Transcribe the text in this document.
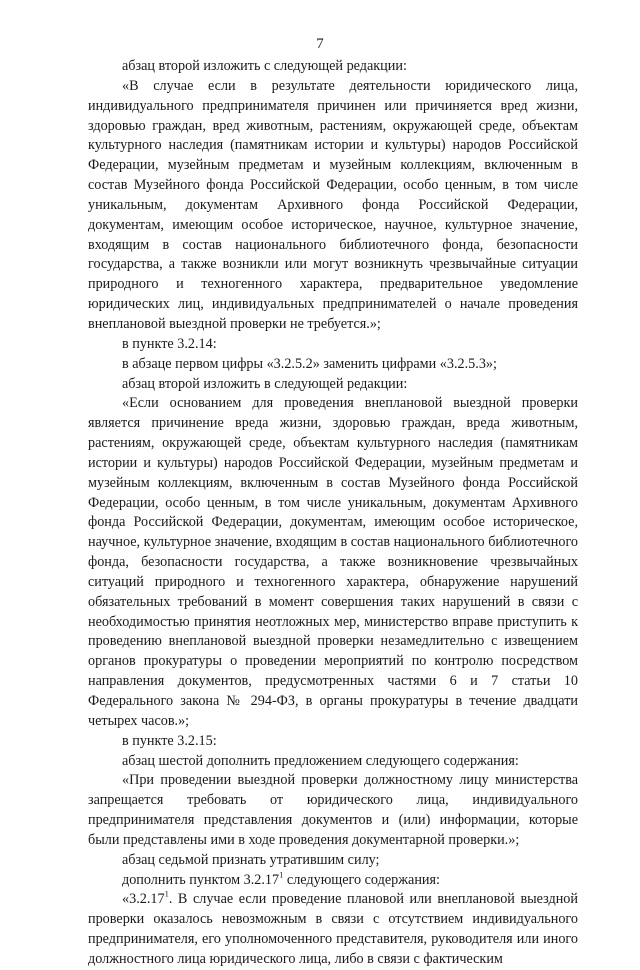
7

абзац второй изложить с следующей редакции:

«В случае если в результате деятельности юридического лица, индивидуального предпринимателя причинен или причиняется вред жизни, здоровью граждан, вред животным, растениям, окружающей среде, объектам культурного наследия (памятникам истории и культуры) народов Российской Федерации, музейным предметам и музейным коллекциям, включенным в состав Музейного фонда Российской Федерации, особо ценным, в том числе уникальным, документам Архивного фонда Российской Федерации, документам, имеющим особое историческое, научное, культурное значение, входящим в состав национального библиотечного фонда, безопасности государства, а также возникли или могут возникнуть чрезвычайные ситуации природного и техногенного характера, предварительное уведомление юридических лиц, индивидуальных предпринимателей о начале проведения внеплановой выездной проверки не требуется.»;

в пункте 3.2.14:

в абзаце первом цифры «3.2.5.2» заменить цифрами «3.2.5.3»;

абзац второй изложить в следующей редакции:

«Если основанием для проведения внеплановой выездной проверки является причинение вреда жизни, здоровью граждан, вреда животным, растениям, окружающей среде, объектам культурного наследия (памятникам истории и культуры) народов Российской Федерации, музейным предметам и музейным коллекциям, включенным в состав Музейного фонда Российской Федерации, особо ценным, в том числе уникальным, документам Архивного фонда Российской Федерации, документам, имеющим особое историческое, научное, культурное значение, входящим в состав национального библиотечного фонда, безопасности государства, а также возникновение чрезвычайных ситуаций природного и техногенного характера, обнаружение нарушений обязательных требований в момент совершения таких нарушений в связи с необходимостью принятия неотложных мер, министерство вправе приступить к проведению внеплановой выездной проверки незамедлительно с извещением органов прокуратуры о проведении мероприятий по контролю посредством направления документов, предусмотренных частями 6 и 7 статьи 10 Федерального закона № 294-ФЗ, в органы прокуратуры в течение двадцати четырех часов.»;

в пункте 3.2.15:

абзац шестой дополнить предложением следующего содержания:

«При проведении выездной проверки должностному лицу министерства запрещается требовать от юридического лица, индивидуального предпринимателя представления документов и (или) информации, которые были представлены ими в ходе проведения документарной проверки.»;

абзац седьмой признать утратившим силу;

дополнить пунктом 3.2.17$^1$ следующего содержания:

«3.2.17$^1$. В случае если проведение плановой или внеплановой выездной проверки оказалось невозможным в связи с отсутствием индивидуального предпринимателя, его уполномоченного представителя, руководителя или иного должностного лица юридического лица, либо в связи с фактическим
